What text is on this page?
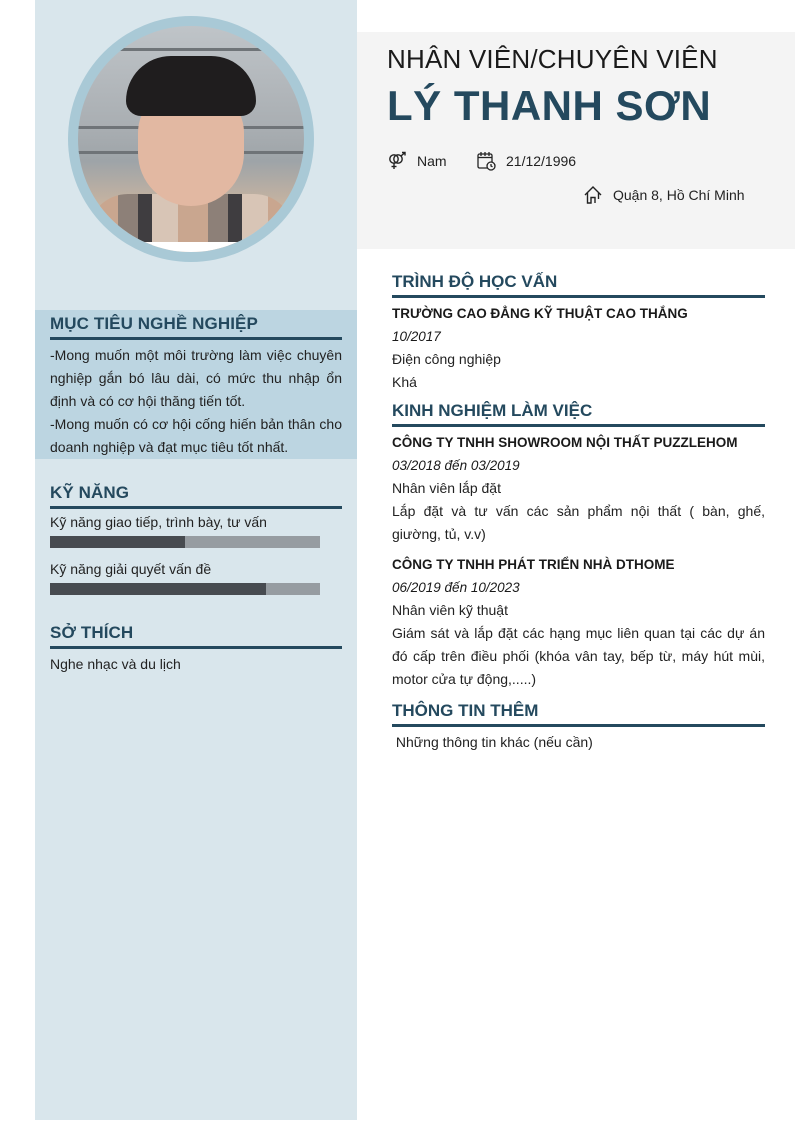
MỤC TIÊU NGHỀ NGHIỆP
-Mong muốn một môi trường làm việc chuyên nghiệp gắn bó lâu dài, có mức thu nhập ổn định và có cơ hội thăng tiến tốt.
-Mong muốn có cơ hội cống hiến bản thân cho doanh nghiệp và đạt mục tiêu tốt nhất.
KỸ NĂNG
Kỹ năng giao tiếp, trình bày, tư vấn
Kỹ năng giải quyết vấn đề
SỞ THÍCH
Nghe nhạc và du lịch
NHÂN VIÊN/CHUYÊN VIÊN
LÝ THANH SƠN
Nam	21/12/1996
Quận 8, Hồ Chí Minh
TRÌNH ĐỘ HỌC VẤN
TRƯỜNG CAO ĐẲNG KỸ THUẬT CAO THẮNG
10/2017
Điện công nghiệp
Khá
KINH NGHIỆM LÀM VIỆC
CÔNG TY TNHH SHOWROOM NỘI THẤT PUZZLEHOM
03/2018 đến 03/2019
Nhân viên lắp đặt
Lắp đặt và tư vấn các sản phẩm nội thất ( bàn, ghế, giường, tủ, v.v)
CÔNG TY TNHH PHÁT TRIỂN NHÀ DTHOME
06/2019 đến 10/2023
Nhân viên kỹ thuật
Giám sát và lắp đặt các hạng mục liên quan tại các dự án đó cấp trên điều phối (khóa vân tay, bếp từ, máy hút mùi, motor cửa tự động,.....)
THÔNG TIN THÊM
Những thông tin khác (nếu cần)
